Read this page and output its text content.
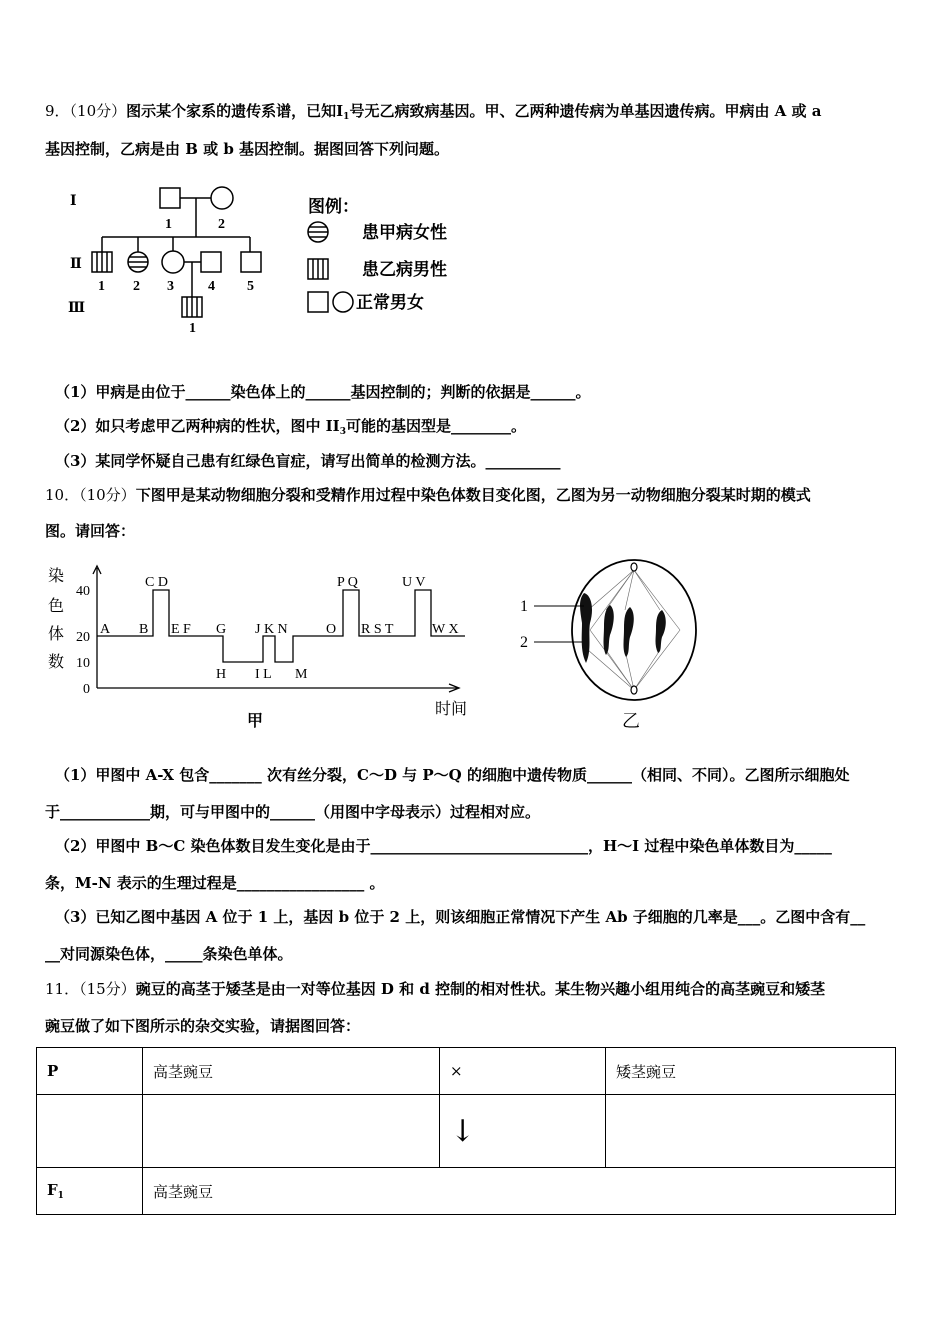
9．（10分）图示某个家系的遗传系谱，已知$Ⅰ_1$号无乙病致病基因。甲、乙两种遗传病为单基因遗传病。甲病由 A 或 a
基因控制，乙病是由 B 或 b 基因控制。据图回答下列问题。
Ⅰ
Ⅱ
Ⅲ
1	2
1 2 3 4 5
1
图例：
患甲病女性
患乙病男性
正常男女
（1）甲病是由位于______染色体上的______基因控制的；判断的依据是______。
（2）如只考虑甲乙两种病的性状，图中 $II_3$可能的基因型是________。
（3）某同学怀疑自己患有红绿色盲症，请写出简单的检测方法。__________
10．（10分）下图甲是某动物细胞分裂和受精作用过程中染色体数目变化图，乙图为另一动物细胞分裂某时期的模式
图。请回答：
染
色
体
数
40
20
10
0
时间
甲
A B
C D
E F G J K N	O
P Q
R S T
U V
W X
H I L M
1
2
乙
（1）甲图中 A-X 包含_______ 次有丝分裂，C～D 与 P～Q 的细胞中遗传物质______（相同、不同）。乙图所示细胞处
于____________期，可与甲图中的______（用图中字母表示）过程相对应。
（2）甲图中 B～C 染色体数目发生变化是由于_____________________________，H～I 过程中染色单体数目为_____
条，M-N 表示的生理过程是_________________ 。
（3）已知乙图中基因 A 位于 1 上，基因 b 位于 2 上，则该细胞正常情况下产生 Ab 子细胞的几率是___。乙图中含有__
__对同源染色体，_____条染色单体。
11．（15分）豌豆的高茎于矮茎是由一对等位基因 D 和 d 控制的相对性状。某生物兴趣小组用纯合的高茎豌豆和矮茎
豌豆做了如下图所示的杂交实验，请据图回答：
P	高茎豌豆	×	矮茎豌豆
		↓	
$F_1$	高茎豌豆		
